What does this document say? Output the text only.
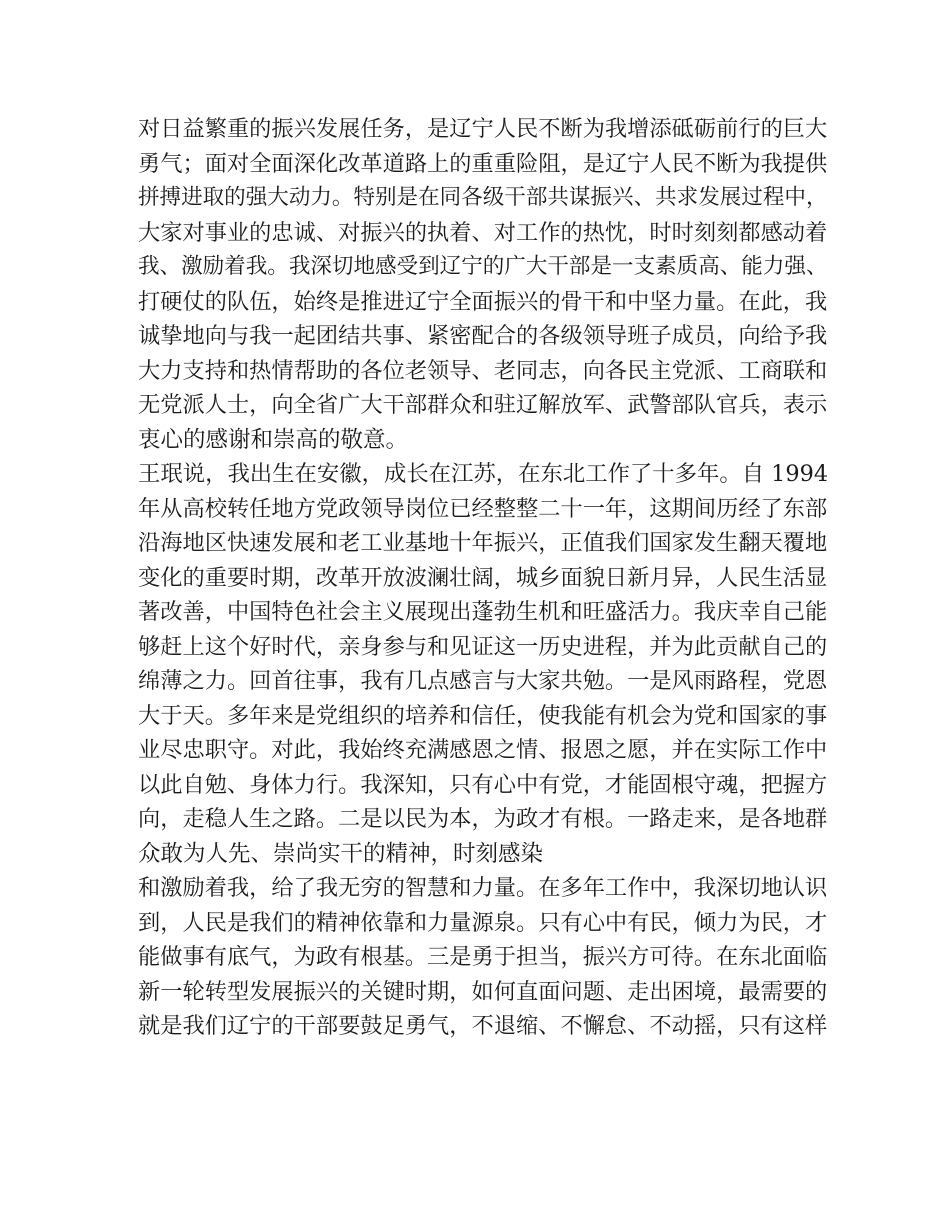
对日益繁重的振兴发展任务，是辽宁人民不断为我增添砥砺前行的巨大
勇气；面对全面深化改革道路上的重重险阻，是辽宁人民不断为我提供
拼搏进取的强大动力。特别是在同各级干部共谋振兴、共求发展过程中，
大家对事业的忠诚、对振兴的执着、对工作的热忱，时时刻刻都感动着
我、激励着我。我深切地感受到辽宁的广大干部是一支素质高、能力强、
打硬仗的队伍，始终是推进辽宁全面振兴的骨干和中坚力量。在此，我
诚挚地向与我一起团结共事、紧密配合的各级领导班子成员，向给予我
大力支持和热情帮助的各位老领导、老同志，向各民主党派、工商联和
无党派人士，向全省广大干部群众和驻辽解放军、武警部队官兵，表示
衷心的感谢和崇高的敬意。
王珉说，我出生在安徽，成长在江苏，在东北工作了十多年。自 1994
年从高校转任地方党政领导岗位已经整整二十一年，这期间历经了东部
沿海地区快速发展和老工业基地十年振兴，正值我们国家发生翻天覆地
变化的重要时期，改革开放波澜壮阔，城乡面貌日新月异，人民生活显
著改善，中国特色社会主义展现出蓬勃生机和旺盛活力。我庆幸自己能
够赶上这个好时代，亲身参与和见证这一历史进程，并为此贡献自己的
绵薄之力。回首往事，我有几点感言与大家共勉。一是风雨路程，党恩
大于天。多年来是党组织的培养和信任，使我能有机会为党和国家的事
业尽忠职守。对此，我始终充满感恩之情、报恩之愿，并在实际工作中
以此自勉、身体力行。我深知，只有心中有党，才能固根守魂，把握方
向，走稳人生之路。二是以民为本，为政才有根。一路走来，是各地群
众敢为人先、崇尚实干的精神，时刻感染
和激励着我，给了我无穷的智慧和力量。在多年工作中，我深切地认识
到，人民是我们的精神依靠和力量源泉。只有心中有民，倾力为民，才
能做事有底气，为政有根基。三是勇于担当，振兴方可待。在东北面临
新一轮转型发展振兴的关键时期，如何直面问题、走出困境，最需要的
就是我们辽宁的干部要鼓足勇气，不退缩、不懈怠、不动摇，只有这样
